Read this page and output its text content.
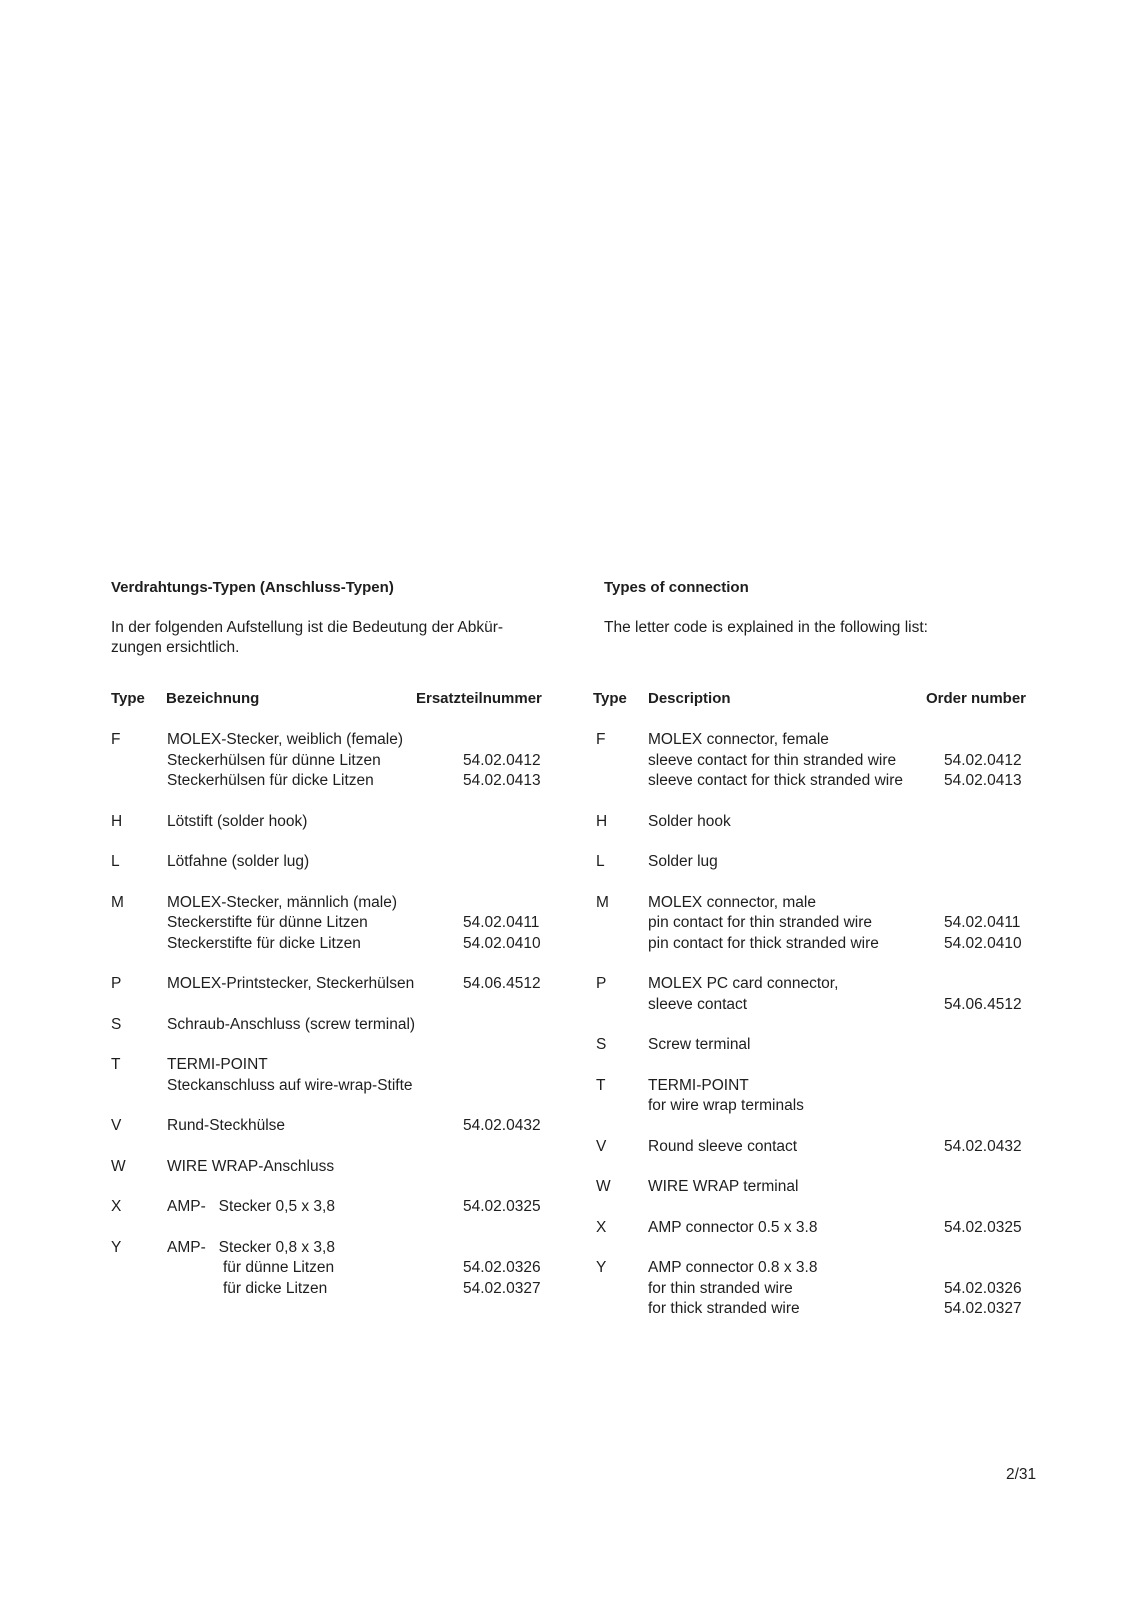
Verdrahtungs-Typen (Anschluss-Typen)

In der folgenden Aufstellung ist die Bedeutung der Abkür-
zungen ersichtlich.
Type Bezeichnung	Ersatzteilnummer
F	MOLEX-Stecker, weiblich (female)
Steckerhülsen für dünne Litzen	54.02.0412
Steckerhülsen für dicke Litzen	54.02.0413
H	Lötstift (solder hook)
L	Lötfahne (solder lug)
M	MOLEX-Stecker, männlich (male)
Steckerstifte für dünne Litzen	54.02.0411
Steckerstifte für dicke Litzen	54.02.0410
P	MOLEX-Printstecker, Steckerhülsen	54.06.4512
S	Schraub-Anschluss (screw terminal)
T	TERMI-POINT
Steckanschluss auf wire-wrap-Stifte
V	Rund-Steckhülse	54.02.0432
W	WIRE WRAP-Anschluss
X	AMP-   Stecker 0,5 x 3,8	54.02.0325
Y	AMP-   Stecker 0,8 x 3,8
für dünne Litzen	54.02.0326
für dicke Litzen	54.02.0327

Types of connection

The letter code is explained in the following list:
Type Description	Order number
F	MOLEX connector, female
sleeve contact for thin stranded wire	54.02.0412
sleeve contact for thick stranded wire	54.02.0413
H	Solder hook
L	Solder lug
M	MOLEX connector, male
pin contact for thin stranded wire	54.02.0411
pin contact for thick stranded wire	54.02.0410
P	MOLEX PC card connector,
sleeve contact	54.06.4512
S	Screw terminal
T	TERMI-POINT
for wire wrap terminals
V	Round sleeve contact	54.02.0432
W WIRE WRAP terminal
X	AMP connector 0.5 x 3.8	54.02.0325
Y	AMP connector 0.8 x 3.8
for thin stranded wire	54.02.0326
for thick stranded wire	54.02.0327
2/31
